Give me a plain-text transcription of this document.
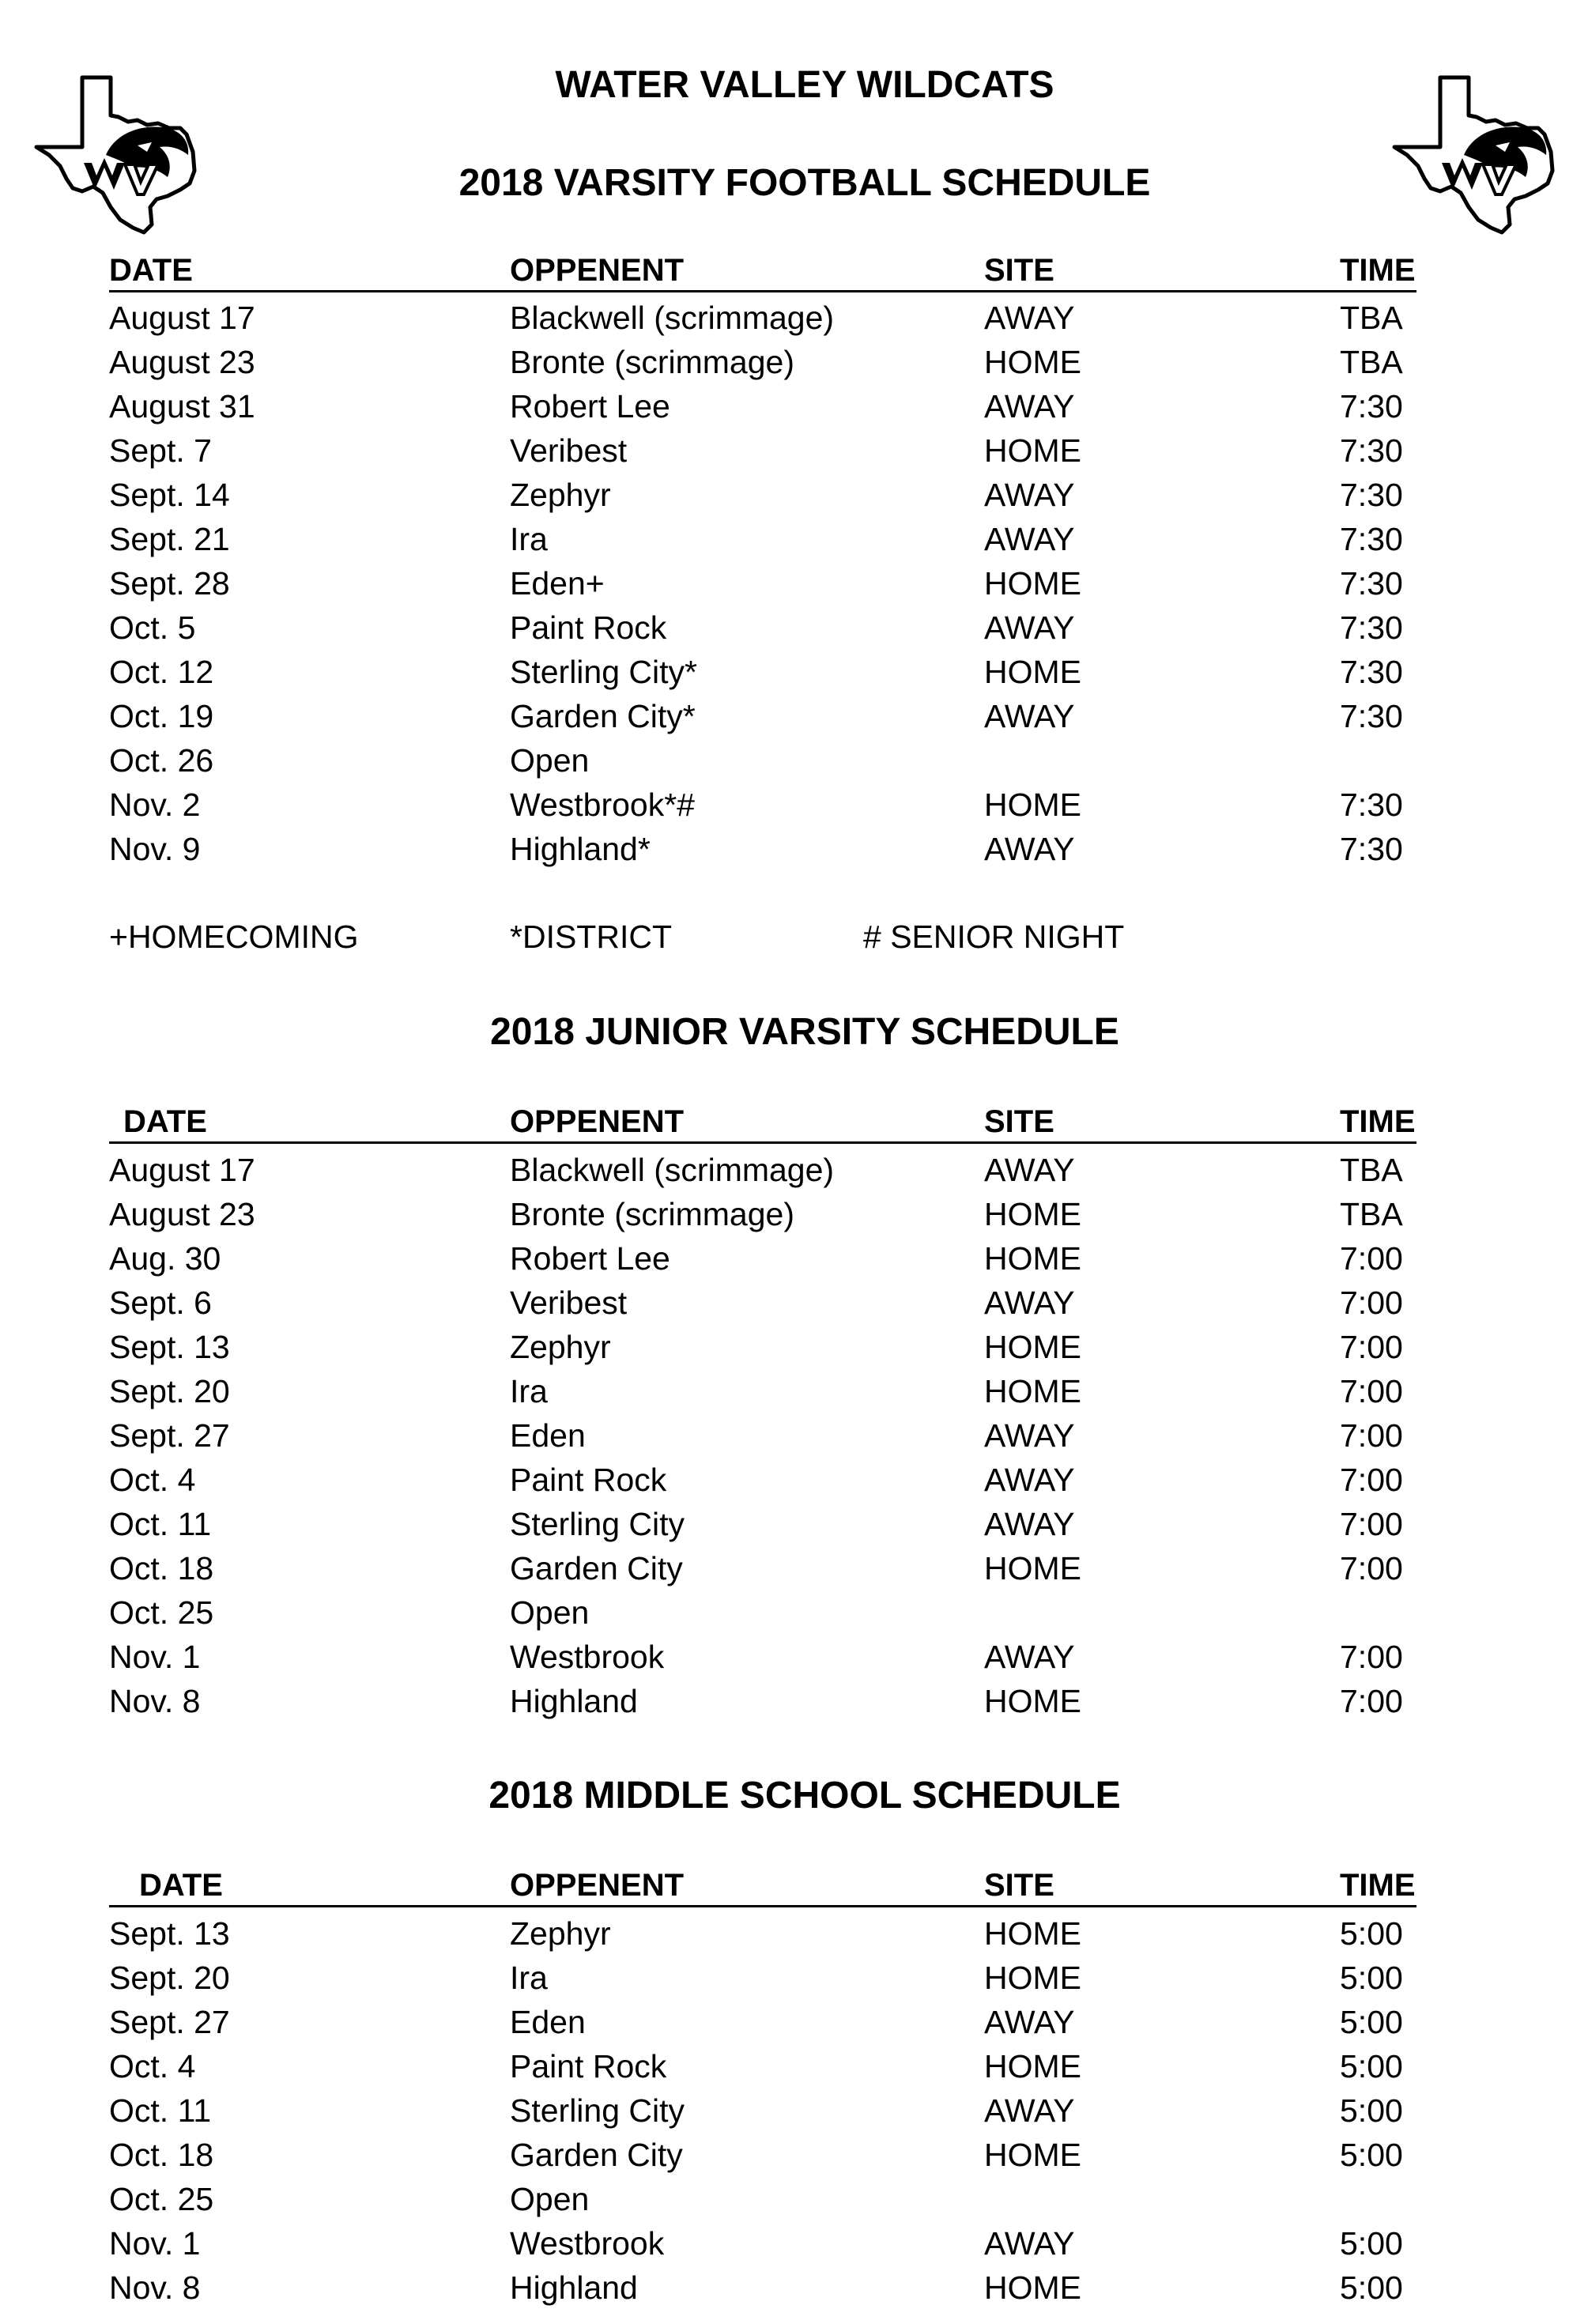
WATER VALLEY WILDCATS
2018 VARSITY FOOTBALL SCHEDULE
DATE	OPPENENT	SITE	TIME
August 17	Blackwell (scrimmage)	AWAY	TBA
August 23	Bronte (scrimmage)	HOME	TBA
August 31	Robert Lee	AWAY	7:30
Sept. 7	Veribest	HOME	7:30
Sept. 14	Zephyr	AWAY	7:30
Sept. 21	Ira	AWAY	7:30
Sept. 28	Eden+	HOME	7:30
Oct. 5	Paint Rock	AWAY	7:30
Oct. 12	Sterling City*	HOME	7:30
Oct. 19	Garden City*	AWAY	7:30
Oct. 26	Open
Nov. 2	Westbrook*#	HOME	7:30
Nov. 9	Highland*	AWAY	7:30
+HOMECOMING	*DISTRICT	# SENIOR NIGHT
2018 JUNIOR VARSITY SCHEDULE
DATE	OPPENENT	SITE	TIME
August 17	Blackwell (scrimmage)	AWAY	TBA
August 23	Bronte (scrimmage)	HOME	TBA
Aug. 30	Robert Lee	HOME	7:00
Sept. 6	Veribest	AWAY	7:00
Sept. 13	Zephyr	HOME	7:00
Sept. 20	Ira	HOME	7:00
Sept. 27	Eden	AWAY	7:00
Oct. 4	Paint Rock	AWAY	7:00
Oct. 11	Sterling City	AWAY	7:00
Oct. 18	Garden City	HOME	7:00
Oct. 25	Open
Nov. 1	Westbrook	AWAY	7:00
Nov. 8	Highland	HOME	7:00
2018 MIDDLE SCHOOL SCHEDULE
DATE	OPPENENT	SITE	TIME
Sept. 13	Zephyr	HOME	5:00
Sept. 20	Ira	HOME	5:00
Sept. 27	Eden	AWAY	5:00
Oct. 4	Paint Rock	HOME	5:00
Oct. 11	Sterling City	AWAY	5:00
Oct. 18	Garden City	HOME	5:00
Oct. 25	Open
Nov. 1	Westbrook	AWAY	5:00
Nov. 8	Highland	HOME	5:00
